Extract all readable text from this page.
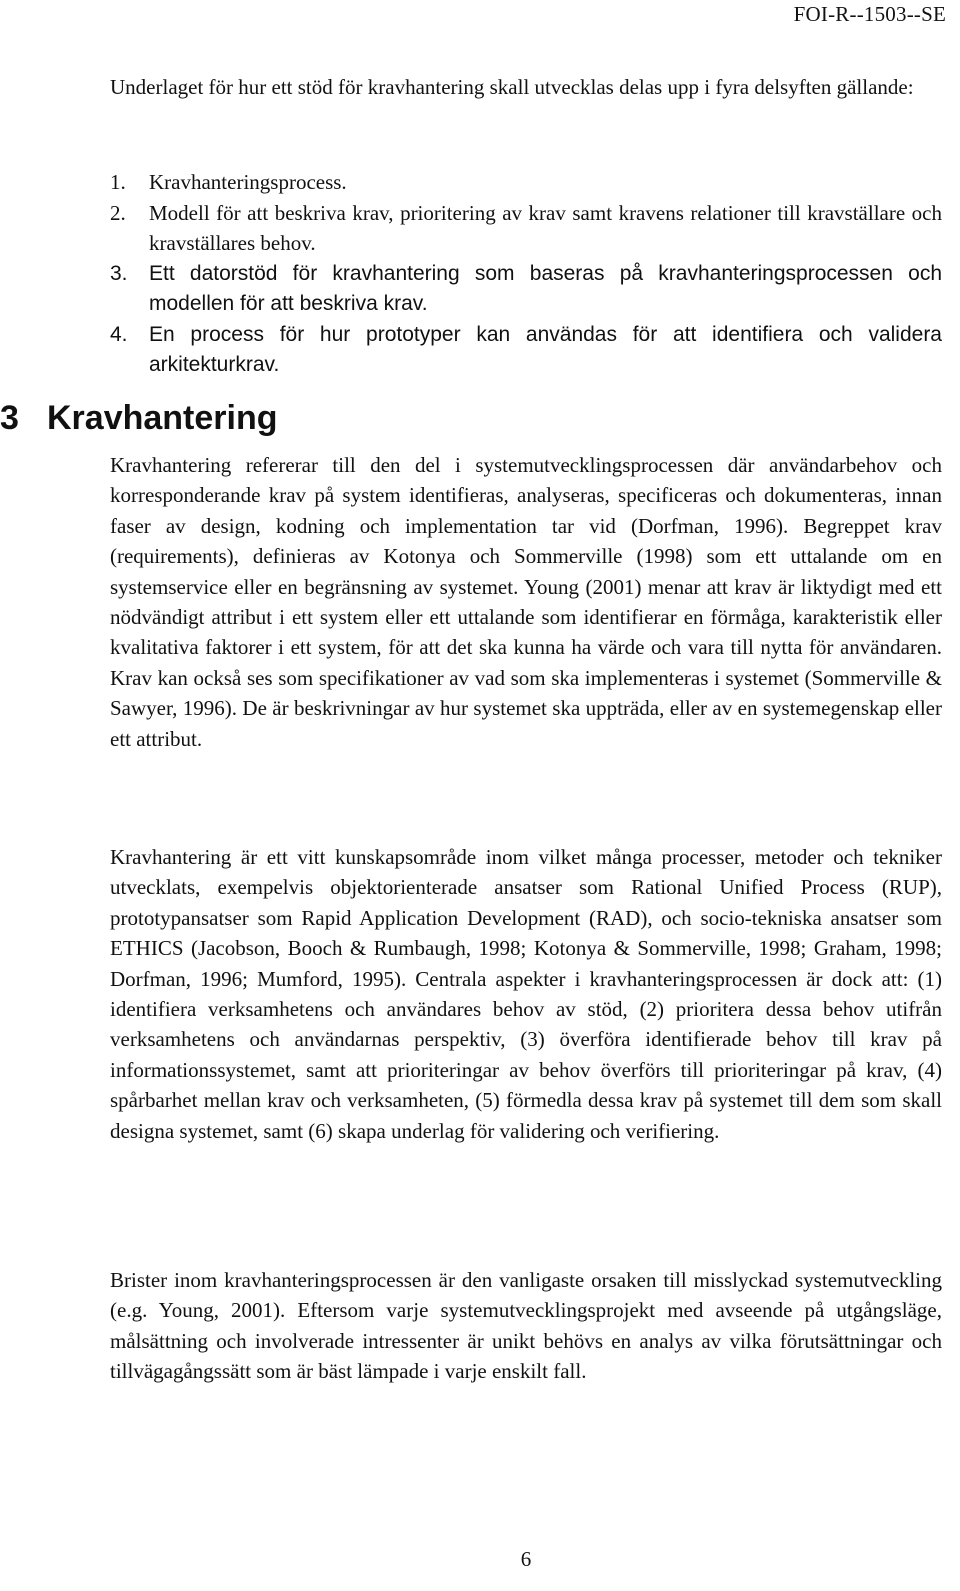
FOI-R--1503--SE

Underlaget för hur ett stöd för kravhantering skall utvecklas delas upp i fyra delsyften gällande:

1.	Kravhanteringsprocess.
2.	Modell för att beskriva krav, prioritering av krav samt kravens relationer till kravställare och kravställares behov.
3.	Ett datorstöd för kravhantering som baseras på kravhanteringsprocessen och modellen för att beskriva krav.
4.	En process för hur prototyper kan användas för att identifiera och validera arkitekturkrav.
3 Kravhantering

Kravhantering refererar till den del i systemutvecklingsprocessen där användarbehov och korresponderande krav på system identifieras, analyseras, specificeras och dokumenteras, innan faser av design, kodning och implementation tar vid (Dorfman, 1996). Begreppet krav (requirements), definieras av Kotonya och Sommerville (1998) som ett uttalande om en systemservice eller en begränsning av systemet. Young (2001) menar att krav är liktydigt med ett nödvändigt attribut i ett system eller ett uttalande som identifierar en förmåga, karakteristik eller kvalitativa faktorer i ett system, för att det ska kunna ha värde och vara till nytta för användaren. Krav kan också ses som specifikationer av vad som ska implementeras i systemet (Sommerville & Sawyer, 1996). De är beskrivningar av hur systemet ska uppträda, eller av en systemegenskap eller ett attribut.

Kravhantering är ett vitt kunskapsområde inom vilket många processer, metoder och tekniker utvecklats, exempelvis objektorienterade ansatser som Rational Unified Process (RUP), prototypansatser som Rapid Application Development (RAD), och socio-tekniska ansatser som ETHICS (Jacobson, Booch & Rumbaugh, 1998; Kotonya & Sommerville, 1998; Graham, 1998; Dorfman, 1996; Mumford, 1995). Centrala aspekter i kravhanteringsprocessen är dock att: (1) identifiera verksamhetens och användares behov av stöd, (2) prioritera dessa behov utifrån verksamhetens och användarnas perspektiv, (3) överföra identifierade behov till krav på informationssystemet, samt att prioriteringar av behov överförs till prioriteringar på krav, (4) spårbarhet mellan krav och verksamheten, (5) förmedla dessa krav på systemet till dem som skall designa systemet, samt (6) skapa underlag för validering och verifiering.

Brister inom kravhanteringsprocessen är den vanligaste orsaken till misslyckad systemutveckling (e.g. Young, 2001). Eftersom varje systemutvecklingsprojekt med avseende på utgångsläge, målsättning och involverade intressenter är unikt behövs en analys av vilka förutsättningar och tillvägagångssätt som är bäst lämpade i varje enskilt fall.

6
